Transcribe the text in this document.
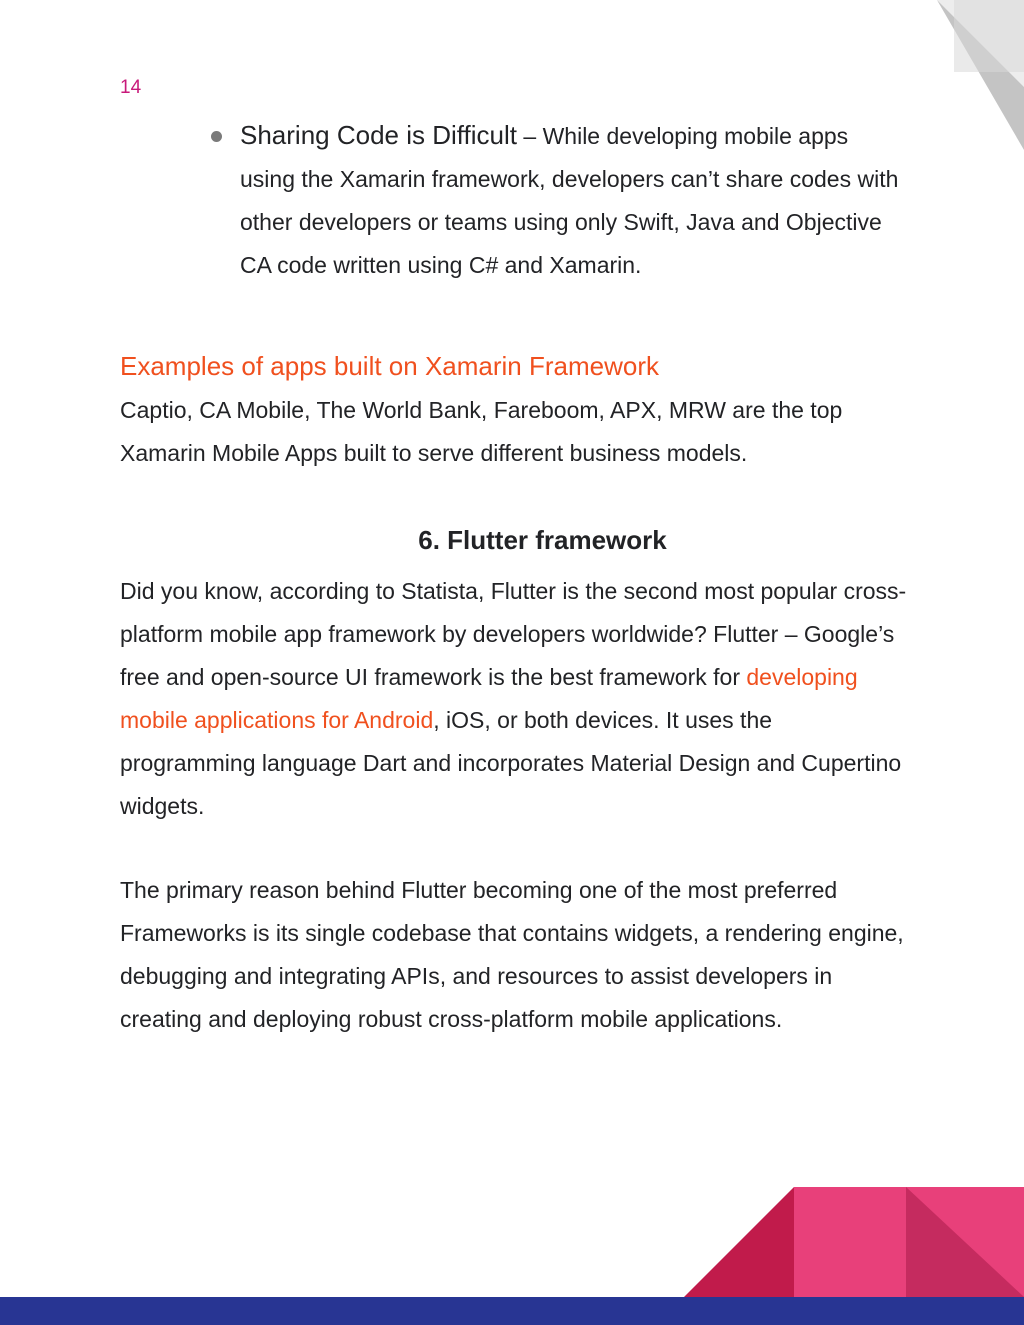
14
Sharing Code is Difficult – While developing mobile apps using the Xamarin framework, developers can’t share codes with other developers or teams using only Swift, Java and Objective CA code written using C# and Xamarin.
Examples of apps built on Xamarin Framework

Captio, CA Mobile, The World Bank, Fareboom, APX, MRW are the top Xamarin Mobile Apps built to serve different business models.

6. Flutter framework

Did you know, according to Statista, Flutter is the second most popular cross-platform mobile app framework by developers worldwide? Flutter – Google’s free and open-source UI framework is the best framework for developing mobile applications for Android, iOS, or both devices. It uses the programming language Dart and incorporates Material Design and Cupertino widgets.

The primary reason behind Flutter becoming one of the most preferred Frameworks is its single codebase that contains widgets, a rendering engine, debugging and integrating APIs, and resources to assist developers in creating and deploying robust cross-platform mobile applications.
